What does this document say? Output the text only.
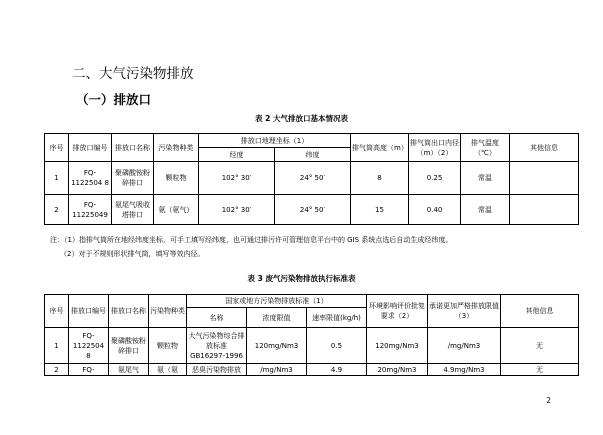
二、大气污染物排放
（一）排放口
表 2 大气排放口基本情况表
序号	排放口编号	排放口名称	污染物种类	排放口地理坐标（1）		排气筒高度（m）	排气筒出口内径（m）（2）	排气温度（℃）	其他信息
				经度	纬度				
1	FQ-1122504 8	聚磷酸铵粉碎排口	颗粒物	102° 30′	24° 50′	8	0.25	常温	
2	FQ-11225049	氨尾气吸收塔排口	氨（氨气）	102° 30′	24° 50′	15	0.40	常温	
注：（1）指排气筒所在地经纬度坐标，可手工填写经纬度，也可通过排污许可管理信息平台中的 GIS 系统点选后自动生成经纬度。
（2）对于不规则形状排气筒，填写等效内径。
表 3 废气污染物排放执行标准表
序号	排放口编号	排放口名称	污染物种类	国家或地方污染物排放标准（1）			环境影响评价批复要求（2）	承诺更加严格排放限值（3）	其他信息
				名称	浓度限值	速率限值(kg/h)			
1	FQ-1122504 8	聚磷酸铵粉碎排口	颗粒物	大气污染物综合排放标准 GB16297-1996	120mg/Nm3	0.5	120mg/Nm3	/mg/Nm3	无
2	FQ-	氨尾气	氨（氨	恶臭污染物排放	/mg/Nm3	4.9	20mg/Nm3	4.9mg/Nm3	无
2
